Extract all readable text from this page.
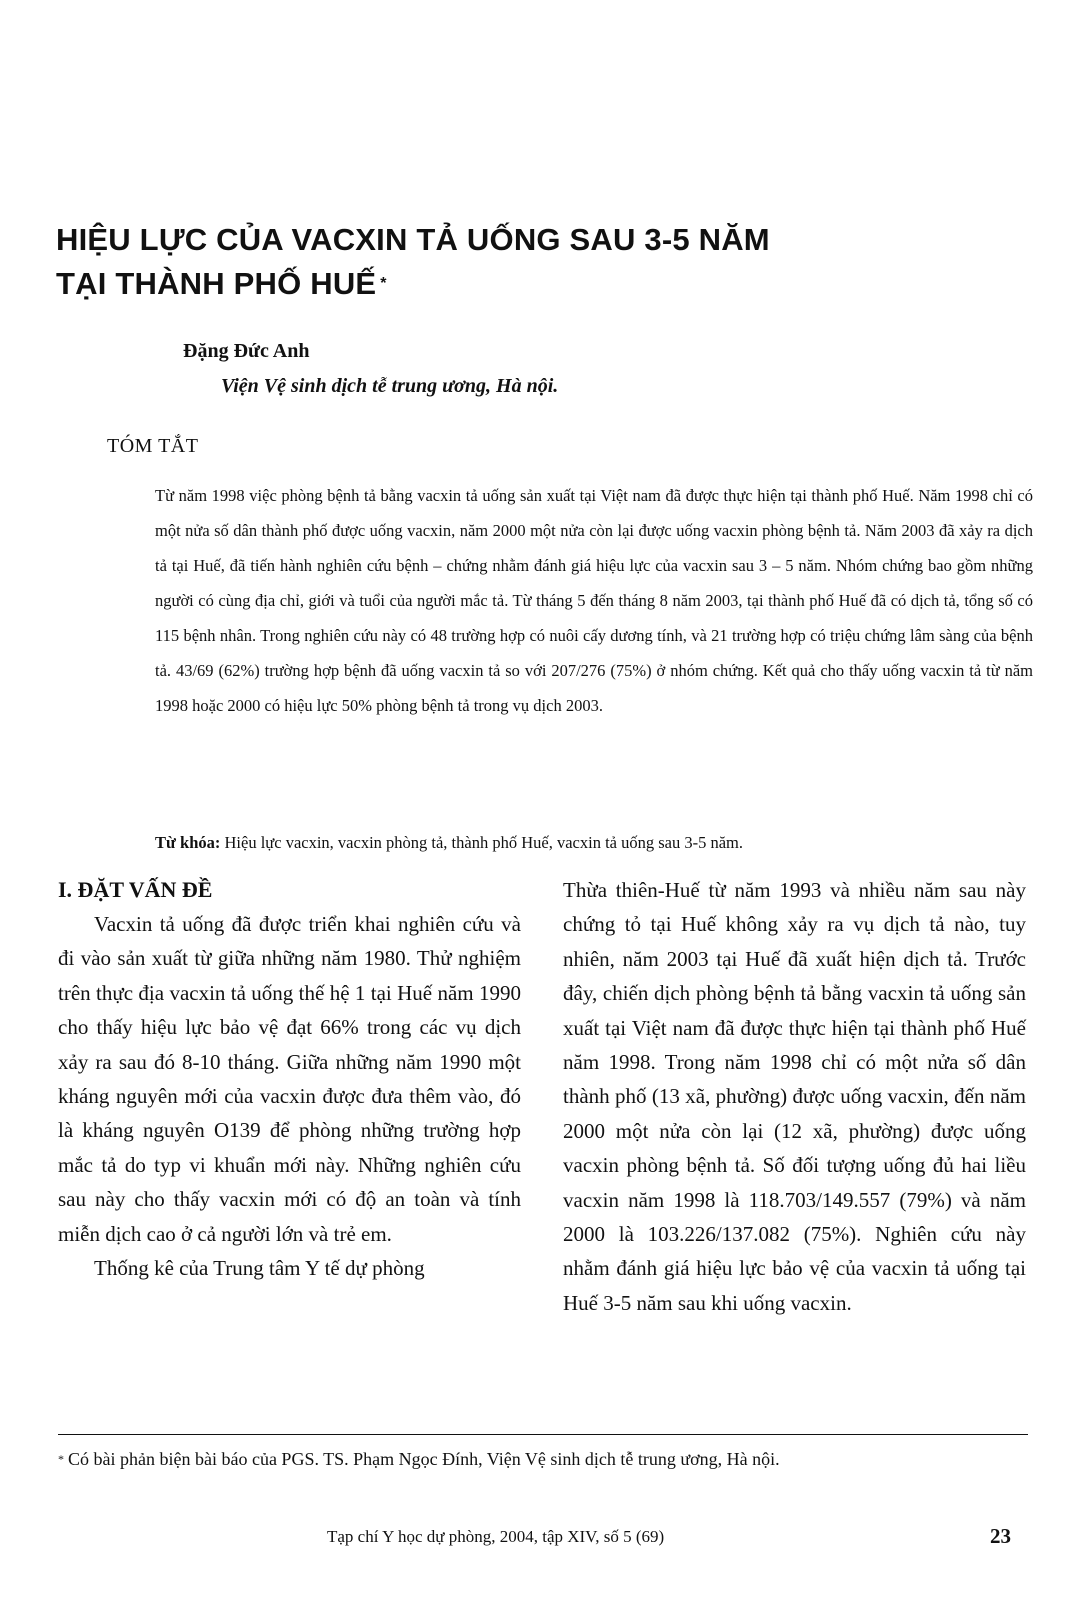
HIỆU LỰC CỦA VACXIN TẢ UỐNG SAU 3-5 NĂM
TẠI THÀNH PHỐ HUẾ *
Đặng Đức Anh
Viện Vệ sinh dịch tễ trung ương, Hà nội.
TÓM TẮT

Từ năm 1998 việc phòng bệnh tả bằng vacxin tả uống sản xuất tại Việt nam đã được thực hiện tại thành phố Huế. Năm 1998 chỉ có một nửa số dân thành phố được uống vacxin, năm 2000 một nửa còn lại được uống vacxin phòng bệnh tả. Năm 2003 đã xảy ra dịch tả tại Huế, đã tiến hành nghiên cứu bệnh – chứng nhằm đánh giá hiệu lực của vacxin sau 3 – 5 năm. Nhóm chứng bao gồm những người có cùng địa chỉ, giới và tuổi của người mắc tả. Từ tháng 5 đến tháng 8 năm 2003, tại thành phố Huế đã có dịch tả, tổng số có 115 bệnh nhân. Trong nghiên cứu này có 48 trường hợp có nuôi cấy dương tính, và 21 trường hợp có triệu chứng lâm sàng của bệnh tả. 43/69 (62%) trường hợp bệnh đã uống vacxin tả so với 207/276 (75%) ở nhóm chứng. Kết quả cho thấy uống vacxin tả từ năm 1998 hoặc 2000 có hiệu lực 50% phòng bệnh tả trong vụ dịch 2003.

Từ khóa: Hiệu lực vacxin, vacxin phòng tả, thành phố Huế, vacxin tả uống sau 3-5 năm.

I. ĐẶT VẤN ĐỀ

Vacxin tả uống đã được triển khai nghiên cứu và đi vào sản xuất từ giữa những năm 1980. Thử nghiệm trên thực địa vacxin tả uống thế hệ 1 tại Huế năm 1990 cho thấy hiệu lực bảo vệ đạt 66% trong các vụ dịch xảy ra sau đó 8-10 tháng. Giữa những năm 1990 một kháng nguyên mới của vacxin được đưa thêm vào, đó là kháng nguyên O139 để phòng những trường hợp mắc tả do typ vi khuẩn mới này. Những nghiên cứu sau này cho thấy vacxin mới có độ an toàn và tính miễn dịch cao ở cả người lớn và trẻ em.

Thống kê của Trung tâm Y tế dự phòng

Thừa thiên-Huế từ năm 1993 và nhiều năm sau này chứng tỏ tại Huế không xảy ra vụ dịch tả nào, tuy nhiên, năm 2003 tại Huế đã xuất hiện dịch tả. Trước đây, chiến dịch phòng bệnh tả bằng vacxin tả uống sản xuất tại Việt nam đã được thực hiện tại thành phố Huế năm 1998. Trong năm 1998 chỉ có một nửa số dân thành phố (13 xã, phường) được uống vacxin, đến năm 2000 một nửa còn lại (12 xã, phường) được uống vacxin phòng bệnh tả. Số đối tượng uống đủ hai liều vacxin năm 1998 là 118.703/149.557 (79%) và năm 2000 là 103.226/137.082 (75%). Nghiên cứu này nhằm đánh giá hiệu lực bảo vệ của vacxin tả uống tại Huế 3-5 năm sau khi uống vacxin.

* Có bài phản biện bài báo của PGS. TS. Phạm Ngọc Đính, Viện Vệ sinh dịch tễ trung ương, Hà nội.
Tạp chí Y học dự phòng, 2004, tập XIV, số 5 (69)	23
